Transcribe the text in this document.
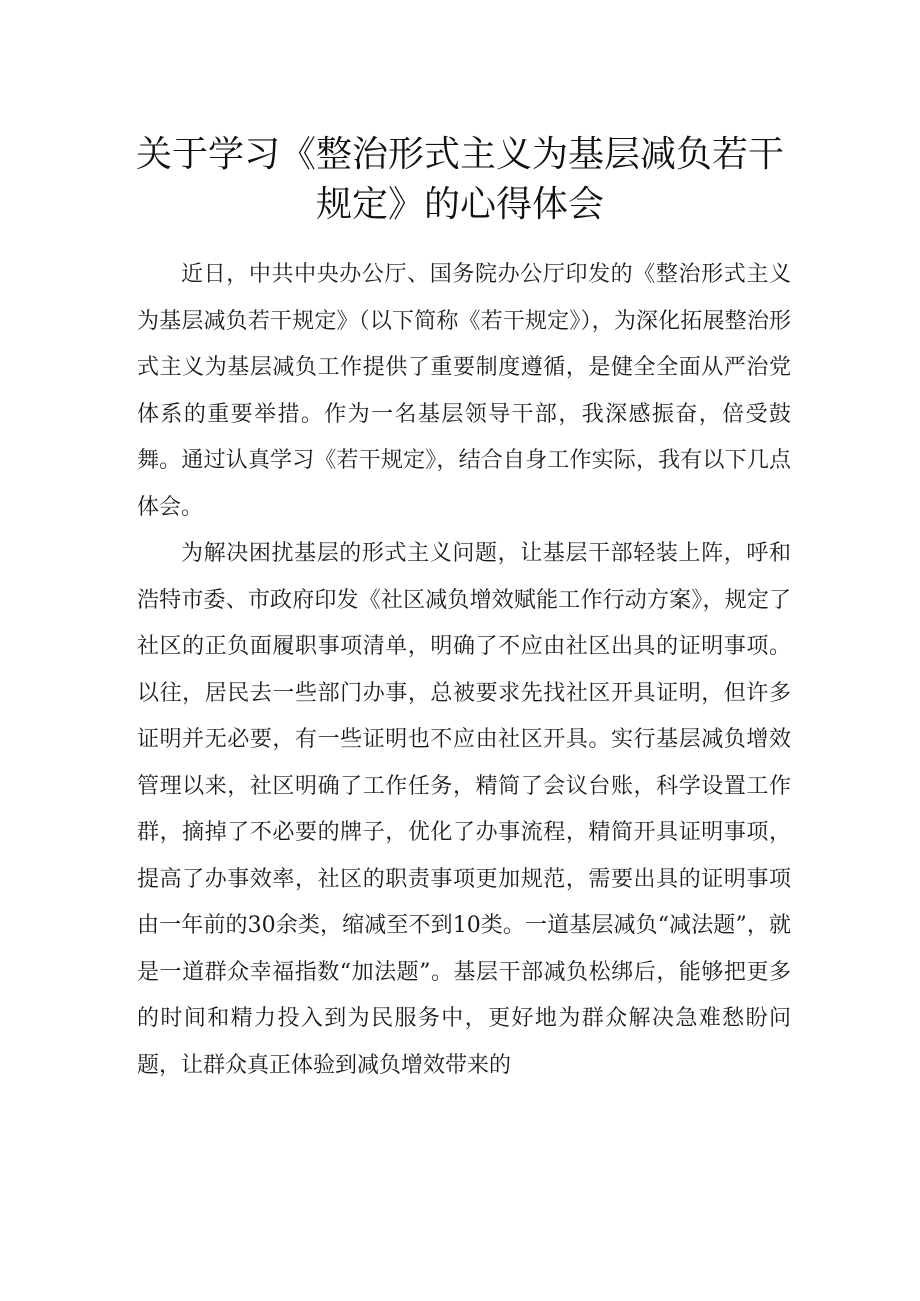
关于学习《整治形式主义为基层减负若干
规定》的心得体会

近日，中共中央办公厅、国务院办公厅印发的《整治形式主义为基层减负若干规定》（以下简称《若干规定》），为深化拓展整治形式主义为基层减负工作提供了重要制度遵循，是健全全面从严治党体系的重要举措。作为一名基层领导干部，我深感振奋，倍受鼓舞。通过认真学习《若干规定》，结合自身工作实际，我有以下几点体会。

为解决困扰基层的形式主义问题，让基层干部轻装上阵，呼和浩特市委、市政府印发《社区减负增效赋能工作行动方案》，规定了社区的正负面履职事项清单，明确了不应由社区出具的证明事项。以往，居民去一些部门办事，总被要求先找社区开具证明，但许多证明并无必要，有一些证明也不应由社区开具。实行基层减负增效管理以来，社区明确了工作任务，精简了会议台账，科学设置工作群，摘掉了不必要的牌子，优化了办事流程，精简开具证明事项，提高了办事效率，社区的职责事项更加规范，需要出具的证明事项由一年前的30余类，缩减至不到10类。一道基层减负“减法题”，就是一道群众幸福指数“加法题”。基层干部减负松绑后，能够把更多的时间和精力投入到为民服务中，更好地为群众解决急难愁盼问题，让群众真正体验到减负增效带来的
